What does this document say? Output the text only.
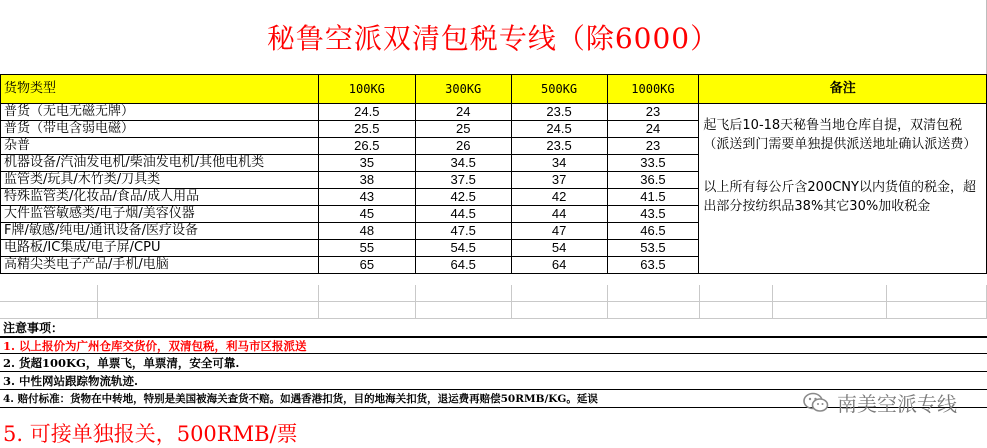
秘鲁空派双清包税专线（除6000）
货物类型	100KG	300KG	500KG	1000KG	备注
普货（无电无磁无牌）	24.5	24	23.5	23	起飞后10-18天秘鲁当地仓库自提，双清包税（派送到门需要单独提供派送地址确认派送费）

以上所有每公斤含200CNY以内货值的税金，超出部分按纺织品38%其它30%加收税金

普货（带电含弱电磁）	25.5	25	24.5	24	
杂普	26.5	26	23.5	23	
机器设备/汽油发电机/柴油发电机/其他电机类	35	34.5	34	33.5	
监管类/玩具/木竹类/刀具类	38	37.5	37	36.5	
特殊监管类/化妆品/食品/成人用品	43	42.5	42	41.5	
大件监管敏感类/电子烟/美容仪器	45	44.5	44	43.5	
F牌/敏感/纯电/通讯设备/医疗设备	48	47.5	47	46.5	
电路板/IC集成/电子屏/CPU	55	54.5	54	53.5	
高精尖类电子产品/手机/电脑	65	64.5	64	63.5	
注意事项：
1. 以上报价为广州仓库交货价，双清包税，利马市区报派送
2. 货超100KG，单票飞，单票清，安全可靠.
3. 中性网站跟踪物流轨迹.
4. 赔付标准：货物在中转地，特别是美国被海关查货不赔。如遇香港扣货，目的地海关扣货，退运费再赔偿50RMB/KG。延误
5. 可接单独报关，500RMB/票
南美空派专线
